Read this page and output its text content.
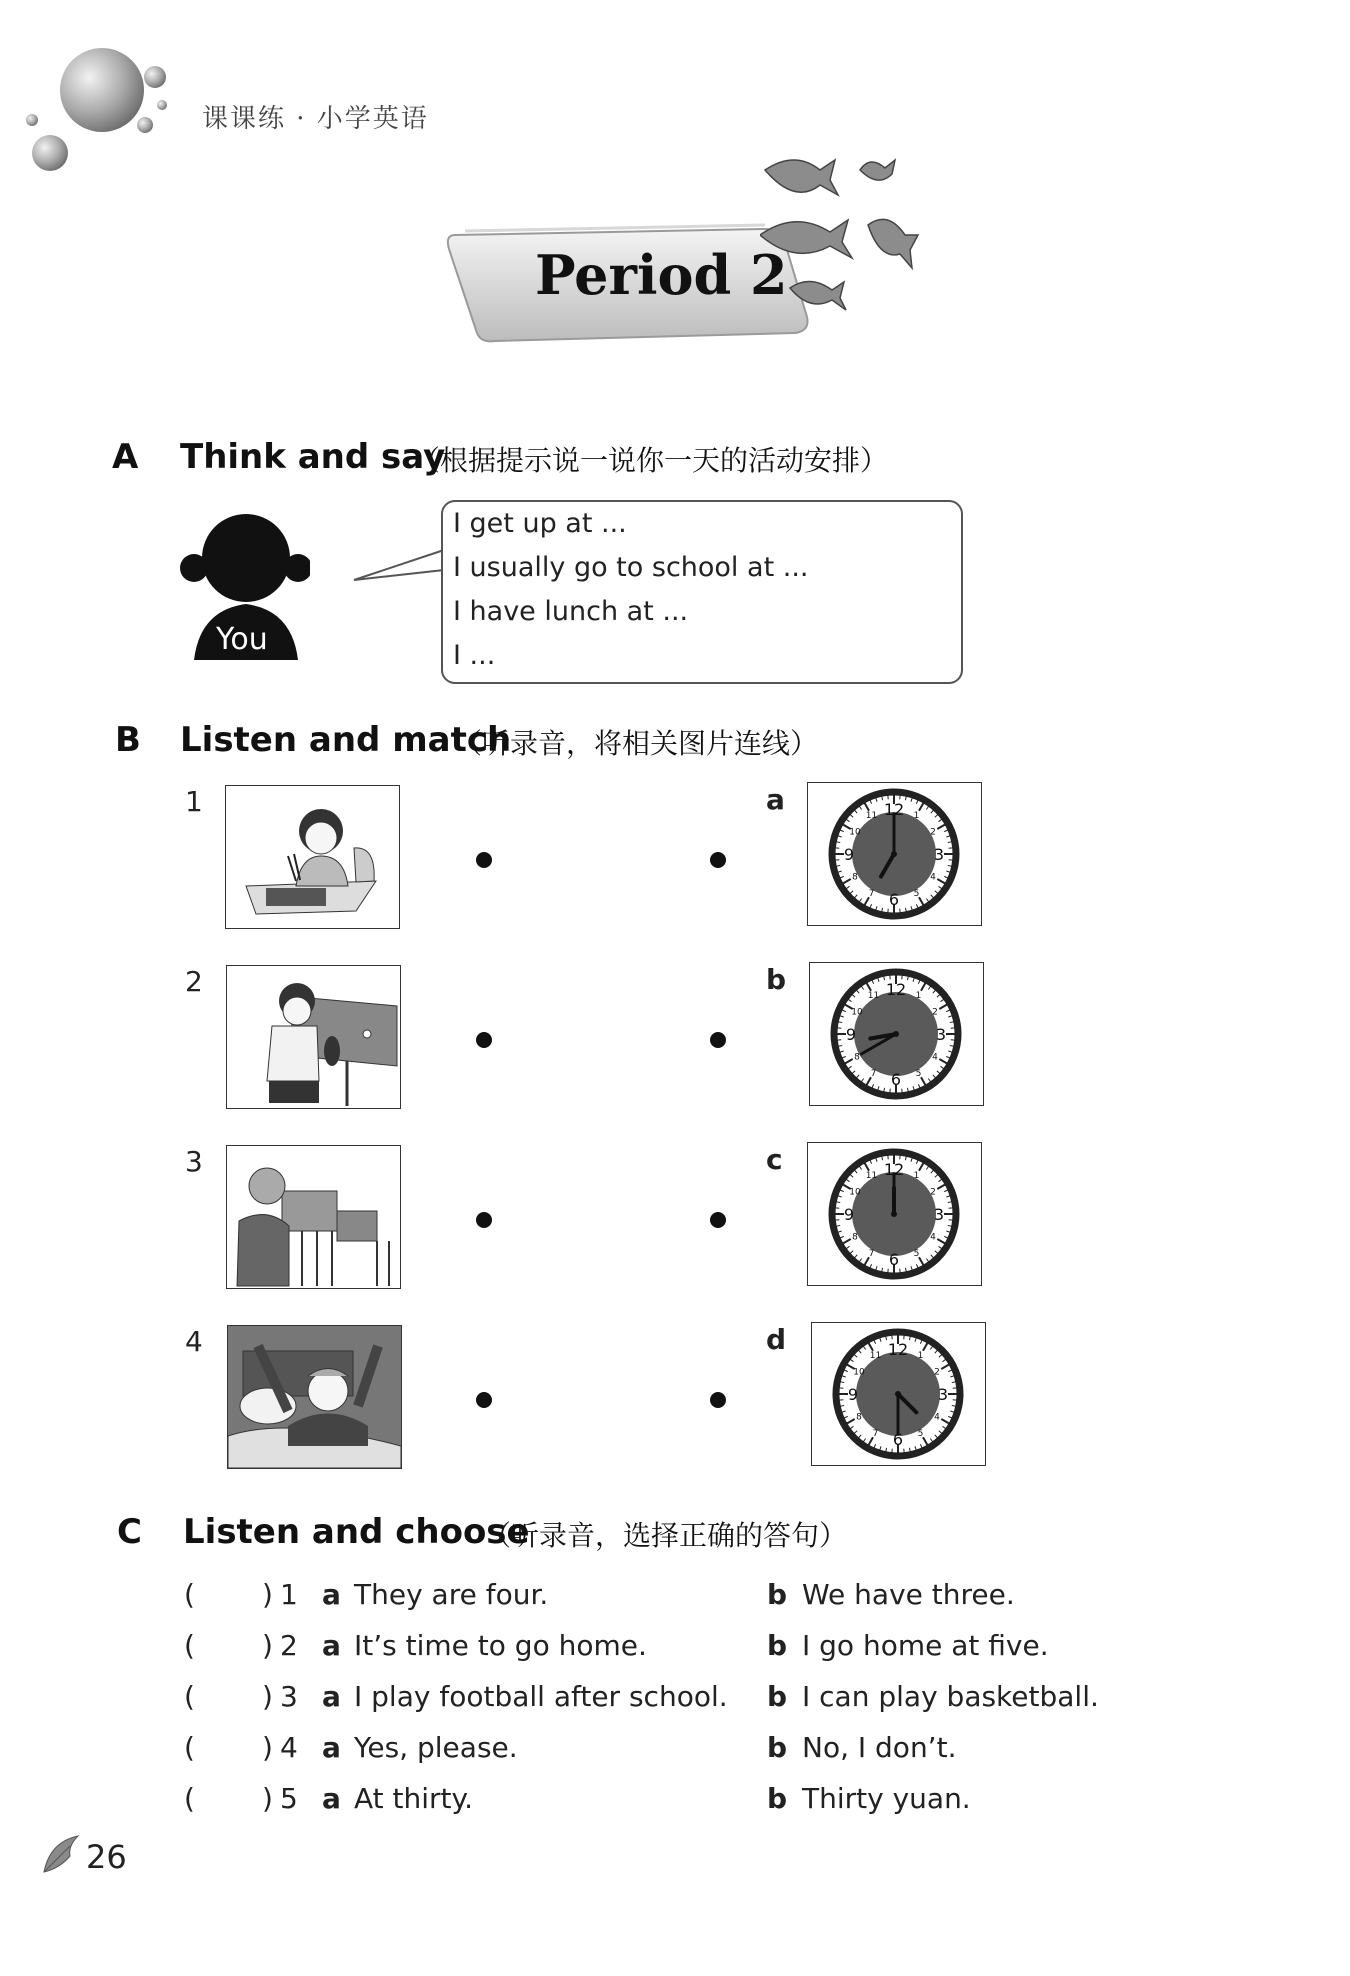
课课练 · 小学英语
Period 2
A Think and say
（根据提示说一说你一天的活动安排）
You
I get up at ...
I usually go to school at ...
I have lunch at ...
I ...
B Listen and match
（听录音，将相关图片连线）
1	a
1
2
3
4
5
6
7
8
9
10
11 12
2	b
1
2
3
4
5
6
7
8
9
10
11 12
3	c
1
2
3
4
5
6
7
8
9
10
11 12
4	d
1
2
3
4
5
6
7
8
9
10
11 12
C Listen and choose
（听录音，选择正确的答句）
( ) 1 a They are four.	b We have three.
( ) 2 a It’s time to go home.	b I go home at five.
( ) 3 a I play football after school. b I can play basketball.
( ) 4 a Yes, please.	b No, I don’t.
( ) 5 a At thirty.	b Thirty yuan.
26
